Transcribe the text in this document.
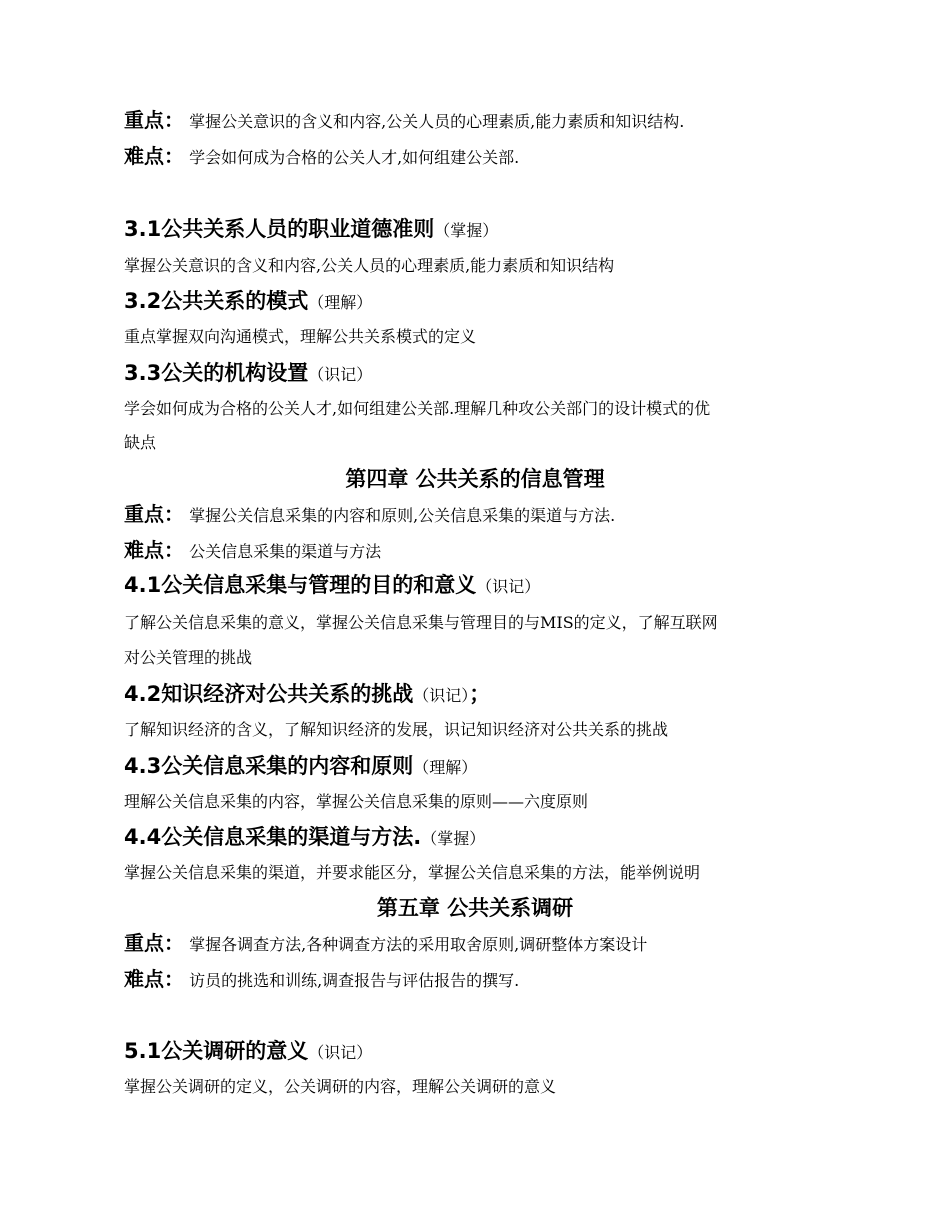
重点： 掌握公关意识的含义和内容,公关人员的心理素质,能力素质和知识结构.
难点： 学会如何成为合格的公关人才,如何组建公关部.
3.1公共关系人员的职业道德准则（掌握）
掌握公关意识的含义和内容,公关人员的心理素质,能力素质和知识结构
3.2公共关系的模式（理解）
重点掌握双向沟通模式，理解公共关系模式的定义
3.3公关的机构设置（识记）
学会如何成为合格的公关人才,如何组建公关部.理解几种攻公关部门的设计模式的优
缺点
第四章 公共关系的信息管理
重点： 掌握公关信息采集的内容和原则,公关信息采集的渠道与方法.
难点： 公关信息采集的渠道与方法
4.1公关信息采集与管理的目的和意义（识记）
了解公关信息采集的意义，掌握公关信息采集与管理目的与MIS的定义，了解互联网
对公关管理的挑战
4.2知识经济对公共关系的挑战（识记）；
了解知识经济的含义，了解知识经济的发展，识记知识经济对公共关系的挑战
4.3公关信息采集的内容和原则（理解）
理解公关信息采集的内容，掌握公关信息采集的原则——六度原则
4.4公关信息采集的渠道与方法.（掌握）
掌握公关信息采集的渠道，并要求能区分，掌握公关信息采集的方法，能举例说明
第五章 公共关系调研
重点： 掌握各调查方法,各种调查方法的采用取舍原则,调研整体方案设计
难点： 访员的挑选和训练,调查报告与评估报告的撰写.
5.1公关调研的意义（识记）
掌握公关调研的定义，公关调研的内容，理解公关调研的意义
